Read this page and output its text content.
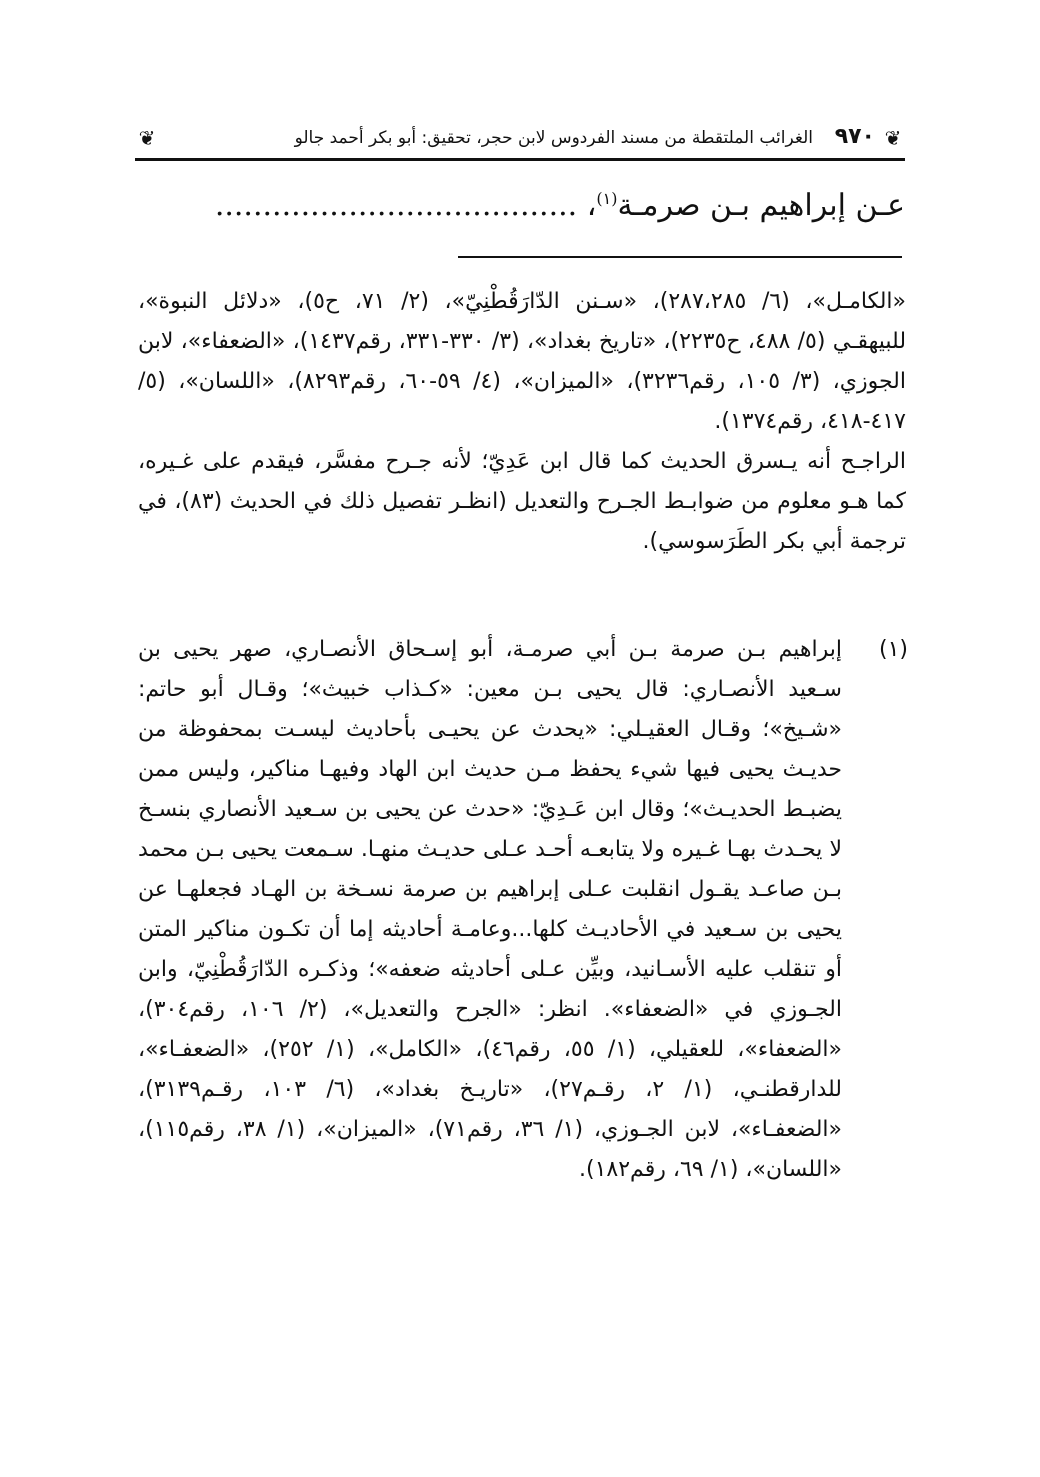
❦
٩٧٠
الغرائب الملتقطة من مسند الفردوس لابن حجر، تحقيق: أبو بكر أحمد جالو
❦
عـن إبراهيم بـن صرمـة$^{(١)}$، ......................................

«الكامـل»، (٦/ ٢٨٧،٢٨٥)، «سـنن الدّارَقُطْنِيّ»، (٢/ ٧١، ح٥)، «دلائل النبوة»، للبيهقـي (٥/ ٤٨٨، ح٢٢٣٥)، «تاريخ بغداد»، (٣/ ٣٣٠-٣٣١، رقم١٤٣٧)، «الضعفاء»، لابن الجوزي، (٣/ ١٠٥، رقم٣٢٣٦)، «الميزان»، (٤/ ٥٩-٦٠، رقم٨٢٩٣)، «اللسان»، (٥/ ٤١٧-٤١٨، رقم١٣٧٤).

الراجـح أنه يـسرق الحديث كما قال ابن عَدِيّ؛ لأنه جـرح مفسَّر، فيقدم على غـيره، كما هـو معلوم من ضوابـط الجـرح والتعديل (انظـر تفصيل ذلك في الحديث (٨٣)، في ترجمة أبي بكر الطَرَسوسي).

(١)

إبراهيم بـن صرمة بـن أبي صرمـة، أبو إسـحاق الأنصـاري، صهر يحيى بن سـعيد الأنصـاري: قال يحيى بـن معين: «كـذاب خبيث»؛ وقـال أبو حاتم: «شـيخ»؛ وقـال العقيـلي: «يحدث عن يحيـى بأحاديث ليسـت بمحفوظة من حديـث يحيى فيها شيء يحفظ مـن حديث ابن الهاد وفيهـا مناكير، وليس ممن يضبـط الحديـث»؛ وقال ابن عَـدِيّ: «حدث عن يحيى بن سـعيد الأنصاري بنسـخ لا يحـدث بهـا غـيره ولا يتابعـه أحـد عـلى حديـث منهـا. سـمعت يحيى بـن محمد بـن صاعـد يقـول انقلبت عـلى إبراهيم بن صرمة نسـخة بن الهـاد فجعلهـا عن يحيى بن سـعيد في الأحاديـث كلها...وعامـة أحاديثه إما أن تكـون مناكير المتن أو تنقلب عليه الأسـانيد، وبيِّن عـلى أحاديثه ضعفه»؛ وذكـره الدّارَقُطْنِيّ، وابن الجـوزي في «الضعفاء». انظر: «الجرح والتعديل»، (٢/ ١٠٦، رقم٣٠٤)، «الضعفاء»، للعقيلي، (١/ ٥٥، رقم٤٦)، «الكامل»، (١/ ٢٥٢)، «الضعفـاء»، للدارقطنـي، (١/ ٢، رقـم٢٧)، «تاريـخ بغداد»، (٦/ ١٠٣، رقـم٣١٣٩)، «الضعفـاء»، لابن الجـوزي، (١/ ٣٦، رقم٧١)، «الميزان»، (١/ ٣٨، رقم١١٥)، «اللسان»، (١/ ٦٩، رقم١٨٢).
